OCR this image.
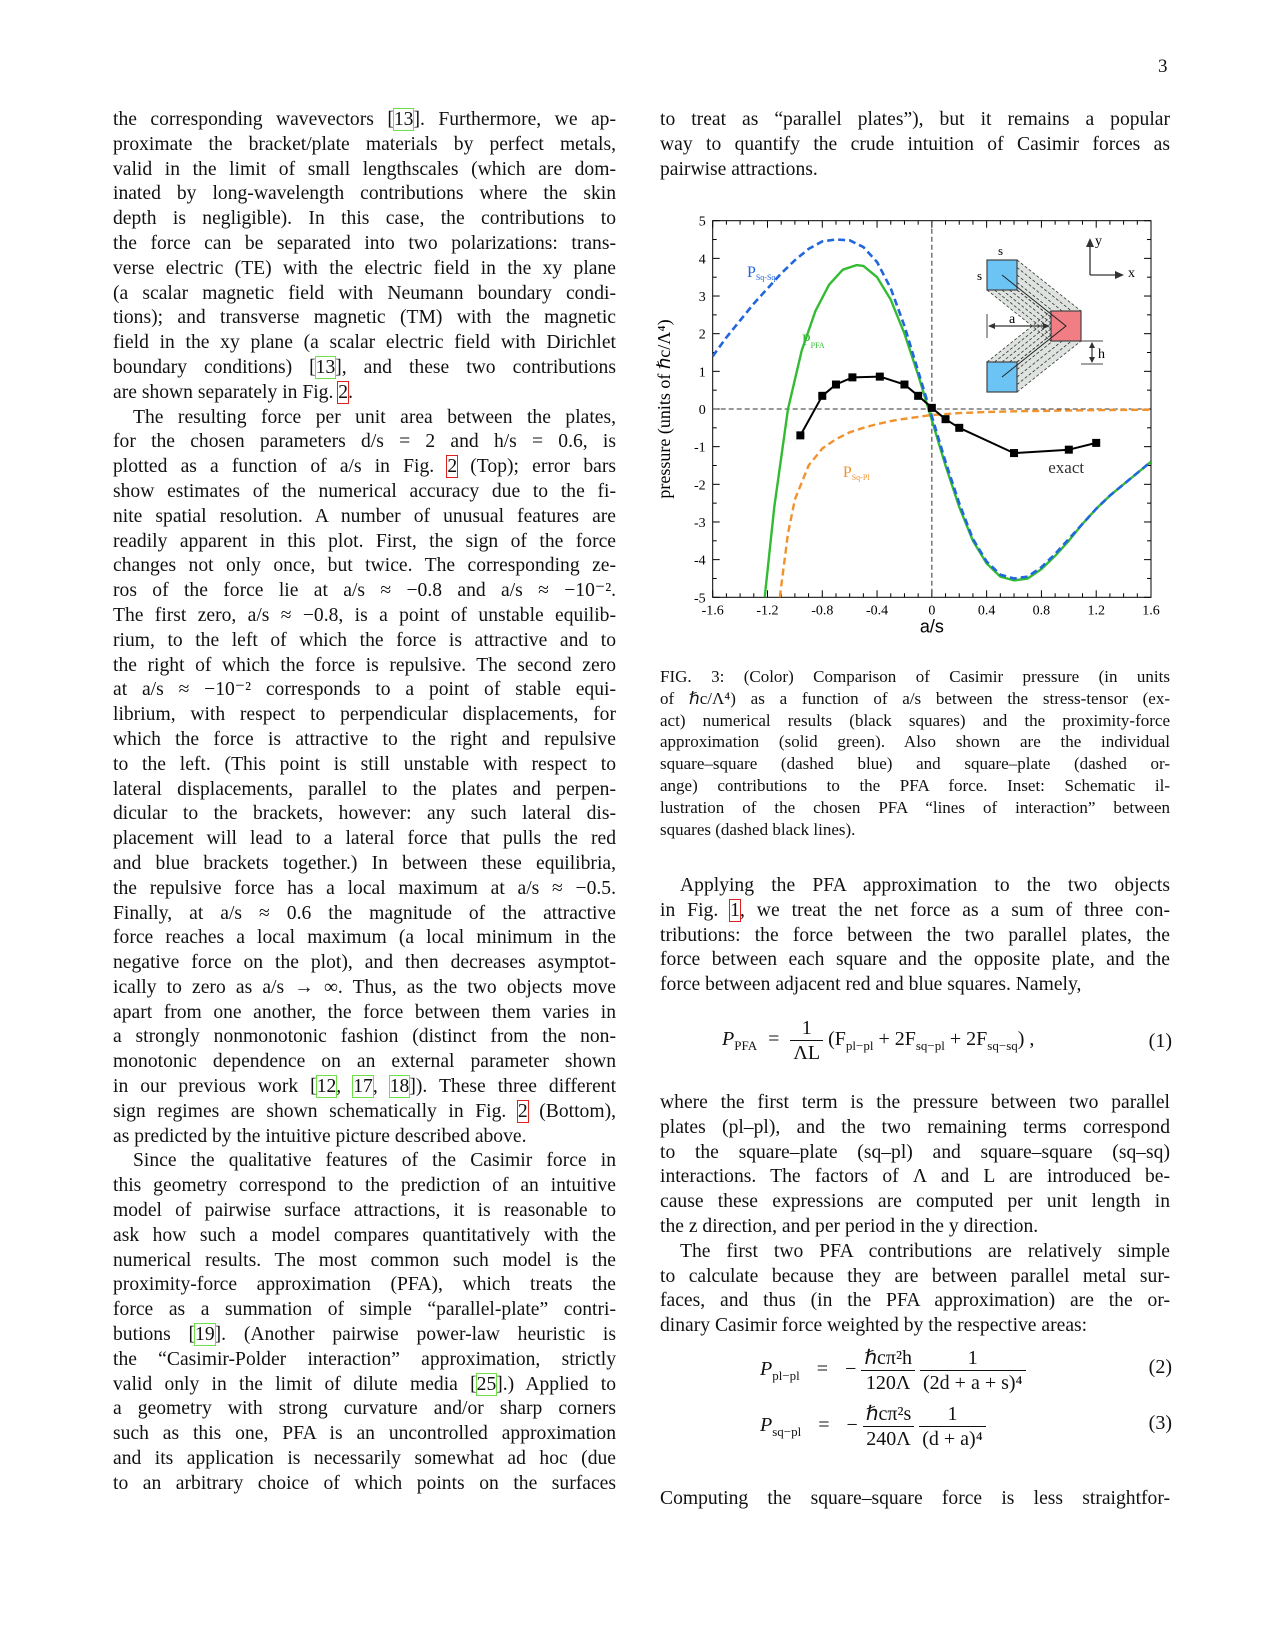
3
the corresponding wavevectors [13]. Furthermore, we ap-
proximate the bracket/plate materials by perfect metals,
valid in the limit of small lengthscales (which are dom-
inated by long-wavelength contributions where the skin
depth is negligible). In this case, the contributions to
the force can be separated into two polarizations: trans-
verse electric (TE) with the electric field in the xy plane
(a scalar magnetic field with Neumann boundary condi-
tions); and transverse magnetic (TM) with the magnetic
field in the xy plane (a scalar electric field with Dirichlet
boundary conditions) [13], and these two contributions
are shown separately in Fig. 2.
The resulting force per unit area between the plates,
for the chosen parameters d/s = 2 and h/s = 0.6, is
plotted as a function of a/s in Fig. 2 (Top); error bars
show estimates of the numerical accuracy due to the fi-
nite spatial resolution. A number of unusual features are
readily apparent in this plot. First, the sign of the force
changes not only once, but twice. The corresponding ze-
ros of the force lie at a/s ≈ −0.8 and a/s ≈ −10⁻².
The first zero, a/s ≈ −0.8, is a point of unstable equilib-
rium, to the left of which the force is attractive and to
the right of which the force is repulsive. The second zero
at a/s ≈ −10⁻² corresponds to a point of stable equi-
librium, with respect to perpendicular displacements, for
which the force is attractive to the right and repulsive
to the left. (This point is still unstable with respect to
lateral displacements, parallel to the plates and perpen-
dicular to the brackets, however: any such lateral dis-
placement will lead to a lateral force that pulls the red
and blue brackets together.) In between these equilibria,
the repulsive force has a local maximum at a/s ≈ −0.5.
Finally, at a/s ≈ 0.6 the magnitude of the attractive
force reaches a local maximum (a local minimum in the
negative force on the plot), and then decreases asymptot-
ically to zero as a/s → ∞. Thus, as the two objects move
apart from one another, the force between them varies in
a strongly nonmonotonic fashion (distinct from the non-
monotonic dependence on an external parameter shown
in our previous work [12, 17, 18]). These three different
sign regimes are shown schematically in Fig. 2 (Bottom),
as predicted by the intuitive picture described above.
Since the qualitative features of the Casimir force in
this geometry correspond to the prediction of an intuitive
model of pairwise surface attractions, it is reasonable to
ask how such a model compares quantitatively with the
numerical results. The most common such model is the
proximity-force approximation (PFA), which treats the
force as a summation of simple “parallel-plate” contri-
butions [19]. (Another pairwise power-law heuristic is
the “Casimir-Polder interaction” approximation, strictly
valid only in the limit of dilute media [25].) Applied to
a geometry with strong curvature and/or sharp corners
such as this one, PFA is an uncontrolled approximation
and its application is necessarily somewhat ad hoc (due
to an arbitrary choice of which points on the surfaces
to treat as “parallel plates”), but it remains a popular
way to quantify the crude intuition of Casimir forces as
pairwise attractions.
-1.6 -1.2 -0.8 -0.4	0	0.4	0.8	1.2	1.6
5
4
3
2
1
0
-1
-2
-3
-4
-5
a/s
pressure (units of ℏc/Λ⁴)
PSq-Sq
PPFA
PSq-Pl
exact
a
h
s
s
y
x
FIG. 3: (Color) Comparison of Casimir pressure (in units
of ℏc/Λ⁴) as a function of a/s between the stress-tensor (ex-
act) numerical results (black squares) and the proximity-force
approximation (solid green). Also shown are the individual
square–square (dashed blue) and square–plate (dashed or-
ange) contributions to the PFA force. Inset: Schematic il-
lustration of the chosen PFA “lines of interaction” between
squares (dashed black lines).
Applying the PFA approximation to the two objects
in Fig. 1, we treat the net force as a sum of three con-
tributions: the force between the two parallel plates, the
force between each square and the opposite plate, and the
force between adjacent red and blue squares. Namely,
$P_{PFA} = \frac{1}{\Lambda L} (F_{pl-pl} + 2F_{sq-pl} + 2F_{sq-sq})$ ,	(1)
where the first term is the pressure between two parallel
plates (pl–pl), and the two remaining terms correspond
to the square–plate (sq–pl) and square–square (sq–sq)
interactions. The factors of Λ and L are introduced be-
cause these expressions are computed per unit length in
the z direction, and per period in the y direction.
The first two PFA contributions are relatively simple
to calculate because they are between parallel metal sur-
faces, and thus (in the PFA approximation) are the or-
dinary Casimir force weighted by the respective areas:
$P_{pl-pl}$ = − $\frac{\text{ℏcπ²h}}{120\Lambda}$
$\frac{1}{\text{(2d + a + s)⁴}}$	(2)
$P_{sq-pl}$ = − $\frac{\text{ℏcπ²s}}{240\Lambda}$
$\frac{1}{\text{(d + a)⁴}}$	(3)
Computing the square–square force is less straightfor-
